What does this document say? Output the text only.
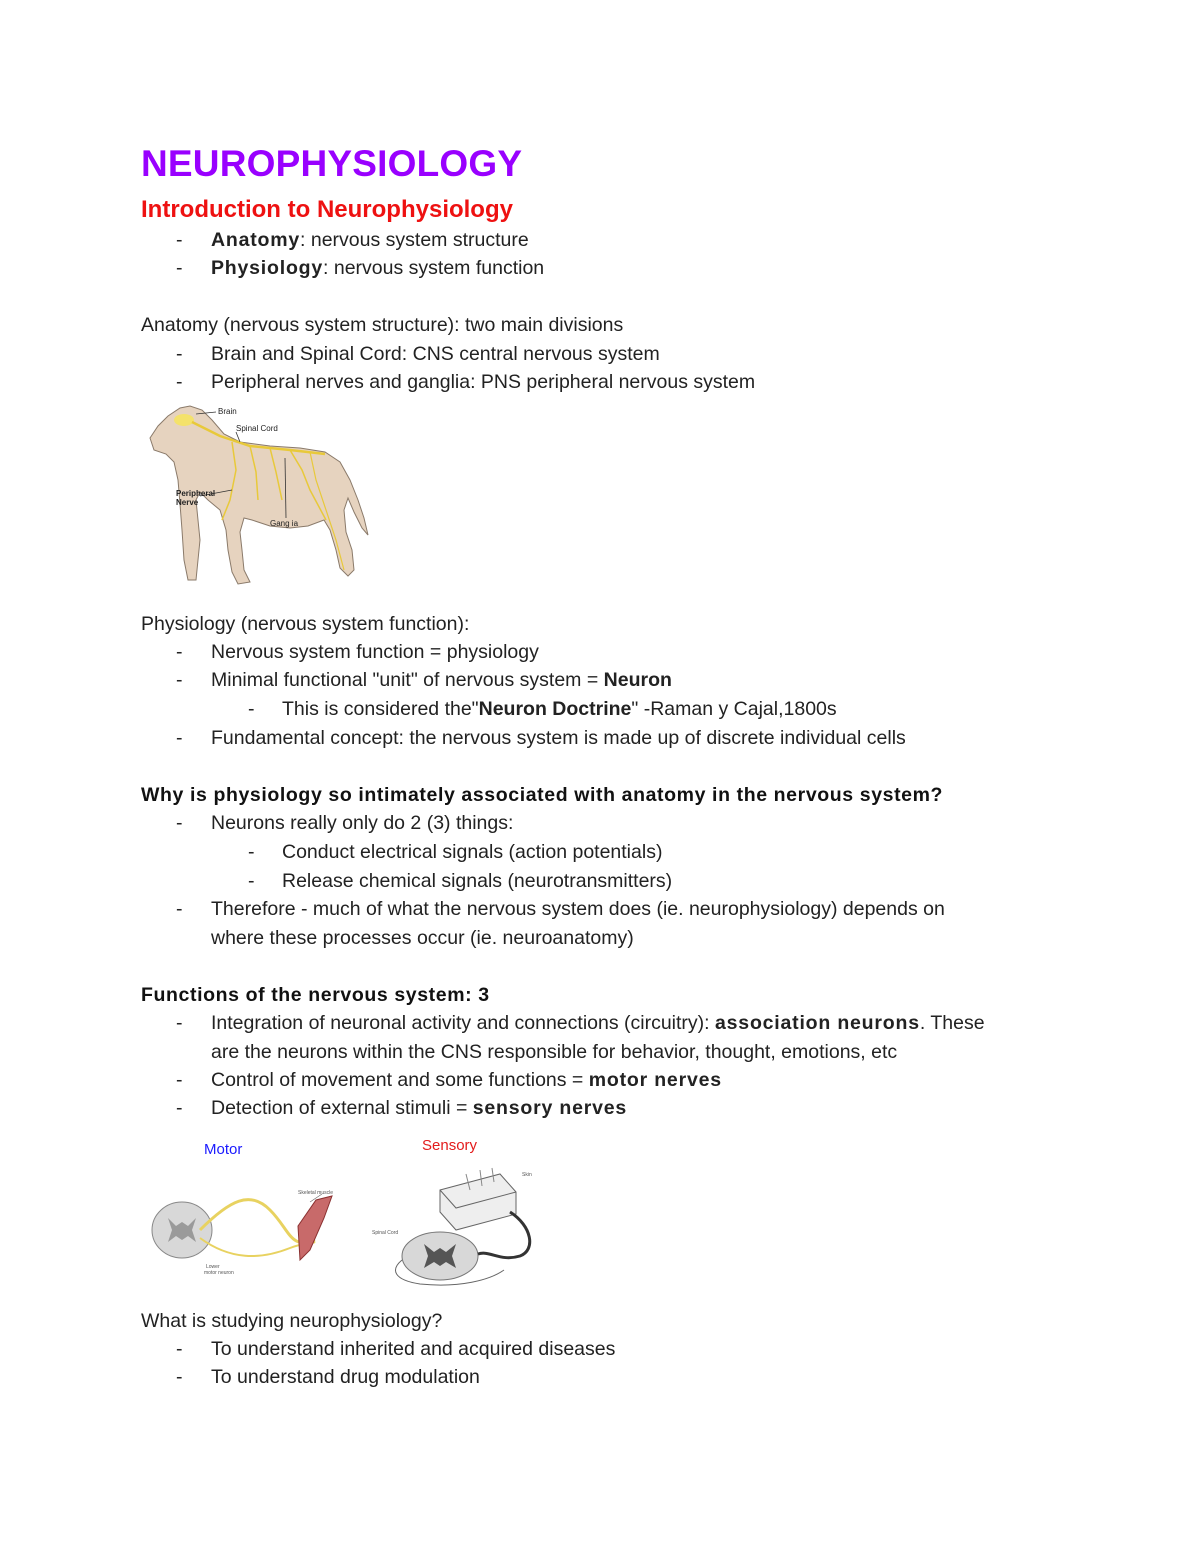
NEUROPHYSIOLOGY
Introduction to Neurophysiology
- Anatomy: nervous system structure
- Physiology: nervous system function
Anatomy (nervous system structure): two main divisions
- Brain and Spinal Cord: CNS central nervous system
- Peripheral nerves and ganglia: PNS peripheral nervous system
Brain
Spinal Cord
Peripheral
Nerve
Gang ia
Physiology (nervous system function):
- Nervous system function = physiology
- Minimal functional "unit" of nervous system = Neuron
- This is considered the"Neuron Doctrine" -Raman y Cajal,1800s
- Fundamental concept: the nervous system is made up of discrete individual cells
Why is physiology so intimately associated with anatomy in the nervous system?
- Neurons really only do 2 (3) things:
- Conduct electrical signals (action potentials)
- Release chemical signals (neurotransmitters)
- Therefore - much of what the nervous system does (ie. neurophysiology) depends on
where these processes occur (ie. neuroanatomy)
Functions of the nervous system: 3
- Integration of neuronal activity and connections (circuitry): association neurons. These
are the neurons within the CNS responsible for behavior, thought, emotions, etc
- Control of movement and some functions = motor nerves
- Detection of external stimuli = sensory nerves
Motor	Sensory
Skeletal muscle
Lower
motor neuron
Skin
Spinal Cord
What is studying neurophysiology?
- To understand inherited and acquired diseases
- To understand drug modulation
